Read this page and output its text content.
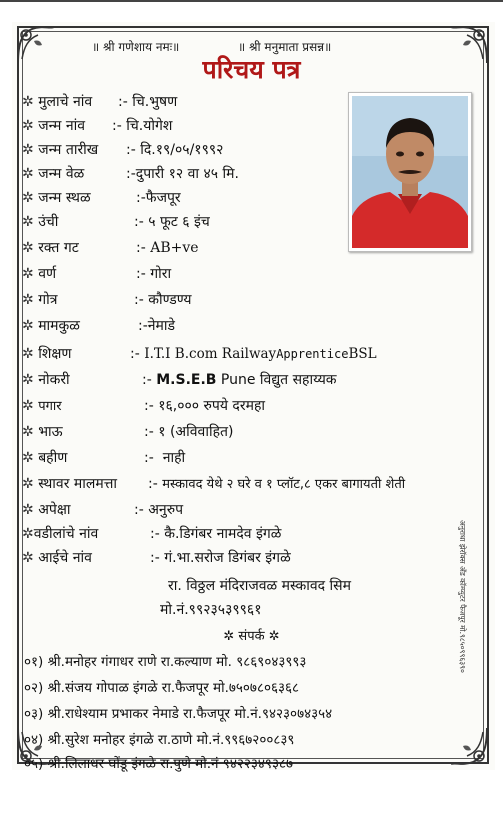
॥ श्री गणेशाय नमः॥	॥ श्री मनुमाता प्रसन्न॥
परिचय पत्र
✲ मुलाचे नांव :- चि.भुषण
✲ जन्म नांव :- चि.योगेश
✲ जन्म तारीख :- दि.१९/०५/१९९२
✲ जन्म वेळ	:-दुपारी १२ वा ४५ मि.
✲ जन्म स्थळ	:-फैजपूर
✲ उंची	:- ५ फूट ६ इंच
✲ रक्त गट	:- AB+ve
✲ वर्ण	:- गोरा
✲ गोत्र	:- कौण्डण्य
✲ मामकुळ	:-नेमाडे
✲ शिक्षण	:- I.T.I B.com RailwayApprenticeBSL
✲ नोकरी	:- M.S.E.B Pune विद्युत सहाय्यक
✲ पगार	:- १६,००० रुपये दरमहा
✲ भाऊ	:- १ (अविवाहित)
✲ बहीण	:- नाही
✲ स्थावर मालमत्ता :- मस्कावद येथे २ घरे व १ प्लॉट,८ एकर बागायती शेती
✲ अपेक्षा	:- अनुरुप
✲वडीलांचे नांव	:- कै.डिगंबर नामदेव इंगळे
✲ आईचे नांव	:- गं.भा.सरोज डिगंबर इंगळे
रा. विठ्ठल मंदिराजवळ मस्कावद सिम
मो.नं.९९२३५३९९६१
✲ संपर्क ✲
०१) श्री.मनोहर गंगाधर राणे रा.कल्याण मो. ९८६९०४३९९३
०२) श्री.संजय गोपाळ इंगळे रा.फैजपूर मो.७५०७८०६३६८
०३) श्री.राधेश्याम प्रभाकर नेमाडे रा.फैजपूर मो.नं.९४२३०७४३५४
०४) श्री.सुरेश मनोहर इंगळे रा.ठाणे मो.नं.९९६७२००८३९
०५) श्री.लिलाधर घोंडू इंगळे रा.पुणे मो.नं ९४२२३४९३८७
अनुराधा झेरॉक्स अँड कॉम्प्युटर फैजपूर मो.९८५०९९६३९०
